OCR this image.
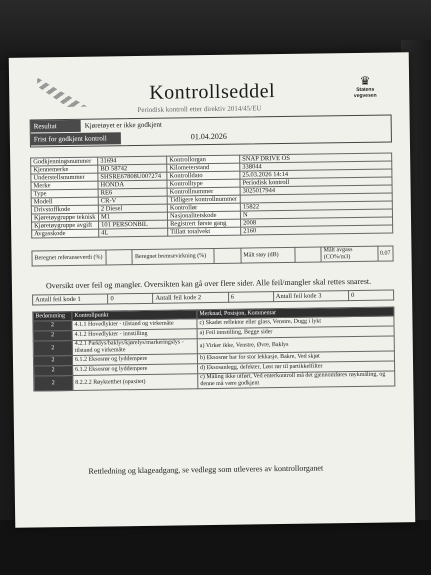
Kontrollseddel
Periodisk kontroll etter direktiv 2014/45/EU
♛
Statens vegvesen
Resultat	Kjøretøyet er ikke godkjent
Frist for godkjent kontroll	01.04.2026
Godkjenningsnummer	31694	Kontrollorgan	SNAP DRIVE OS
Kjennemerke	BD 58742	Kilometerstand	338044
Understellsnummer	SHSRE67808U007274	Kontrolldato	25.03.2026 14:14
Merke	HONDA	Kontrolltype	Periodisk kontroll
Type	RE6	Kontrollnummer	3025017944
Modell	CR-V	Tidligere kontrollnummer	
Drivstoffkode	2 Diesel	Kontrollør	15822
Kjøretøygruppe teknisk	M1	Nasjonalitetskode	N
Kjøretøygruppe avgift	101 PERSONBIL	Registrert første gang	2008
Avgasskode	4L	Tillatt totalvekt	2160
Beregnet referanseverdi (%)		Beregnet bremsevirkning (%)		Målt støy (dB)		Målt avgass (CO%/m3)	0.07
Oversikt over feil og mangler. Oversikten kan gå over flere sider. Alle feil/mangler skal rettes snarest.
Antall feil kode 1	0	Antall feil kode 2	6	Antall feil kode 3	0
Bedømming	Kontrollpunkt	Merknad, Posisjon, Kommentar
2	4.1.1 Hovedlykter - tilstand og virkemåte	c) Skadet reflektor eller glass, Venstre, Dugg i lykt
2	4.1.2 Hovedlykter - innstilling	a) Feil innstilling, Begge sider
2	4.2.1 Parklys/baklys/kjørelys/markeringslys - tilstand og virkemåte	a) Virker ikke, Venstre, Øvre, Baklys
2	6.1.2 Eksosrør og lyddempere	b) Eksosrør har for stor lekkasje, Bakre, Ved skjøt
2	6.1.2 Eksosrør og lyddempere	d) Eksosanlegg, defekter, Løst rør til partikkelfilter
2	8.2.2.2 Røyktetthet (opasitet)	c) Måling ikke utført, Ved enterkontroll må det gjennomføres røykmåling, og denne må være godkjent
Rettledning og klageadgang, se vedlegg som utleveres av kontrollorganet
